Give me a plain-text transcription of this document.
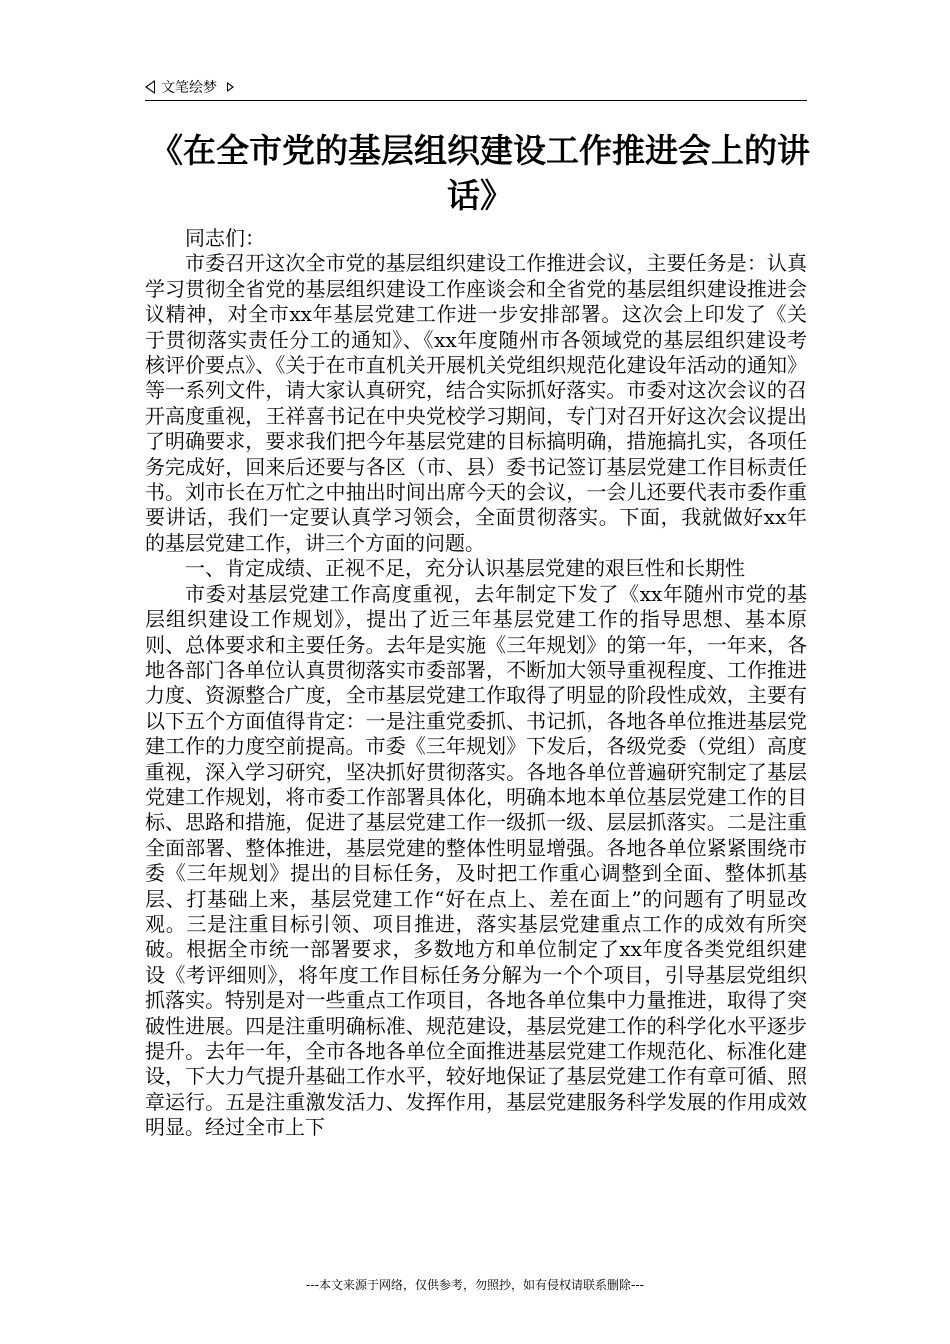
文笔绘梦
《在全市党的基层组织建设工作推进会上的讲话》

同志们：

市委召开这次全市党的基层组织建设工作推进会议，主要任务是：认真学习贯彻全省党的基层组织建设工作座谈会和全省党的基层组织建设推进会议精神，对全市xx年基层党建工作进一步安排部署。这次会上印发了《关于贯彻落实责任分工的通知》、《xx年度随州市各领域党的基层组织建设考核评价要点》、《关于在市直机关开展机关党组织规范化建设年活动的通知》等一系列文件，请大家认真研究，结合实际抓好落实。市委对这次会议的召开高度重视，王祥喜书记在中央党校学习期间，专门对召开好这次会议提出了明确要求，要求我们把今年基层党建的目标搞明确，措施搞扎实，各项任务完成好，回来后还要与各区（市、县）委书记签订基层党建工作目标责任书。刘市长在万忙之中抽出时间出席今天的会议，一会儿还要代表市委作重要讲话，我们一定要认真学习领会，全面贯彻落实。下面，我就做好xx年的基层党建工作，讲三个方面的问题。

一、肯定成绩、正视不足，充分认识基层党建的艰巨性和长期性

市委对基层党建工作高度重视，去年制定下发了《xx年随州市党的基层组织建设工作规划》，提出了近三年基层党建工作的指导思想、基本原则、总体要求和主要任务。去年是实施《三年规划》的第一年，一年来，各地各部门各单位认真贯彻落实市委部署，不断加大领导重视程度、工作推进力度、资源整合广度，全市基层党建工作取得了明显的阶段性成效，主要有以下五个方面值得肯定：一是注重党委抓、书记抓，各地各单位推进基层党建工作的力度空前提高。市委《三年规划》下发后，各级党委（党组）高度重视，深入学习研究，坚决抓好贯彻落实。各地各单位普遍研究制定了基层党建工作规划，将市委工作部署具体化，明确本地本单位基层党建工作的目标、思路和措施，促进了基层党建工作一级抓一级、层层抓落实。二是注重全面部署、整体推进，基层党建的整体性明显增强。各地各单位紧紧围绕市委《三年规划》提出的目标任务，及时把工作重心调整到全面、整体抓基层、打基础上来，基层党建工作“好在点上、差在面上”的问题有了明显改观。三是注重目标引领、项目推进，落实基层党建重点工作的成效有所突破。根据全市统一部署要求，多数地方和单位制定了xx年度各类党组织建设《考评细则》，将年度工作目标任务分解为一个个项目，引导基层党组织抓落实。特别是对一些重点工作项目，各地各单位集中力量推进，取得了突破性进展。四是注重明确标准、规范建设，基层党建工作的科学化水平逐步提升。去年一年，全市各地各单位全面推进基层党建工作规范化、标准化建设，下大力气提升基础工作水平，较好地保证了基层党建工作有章可循、照章运行。五是注重激发活力、发挥作用，基层党建服务科学发展的作用成效明显。经过全市上下

---本文来源于网络，仅供参考，勿照抄，如有侵权请联系删除---
